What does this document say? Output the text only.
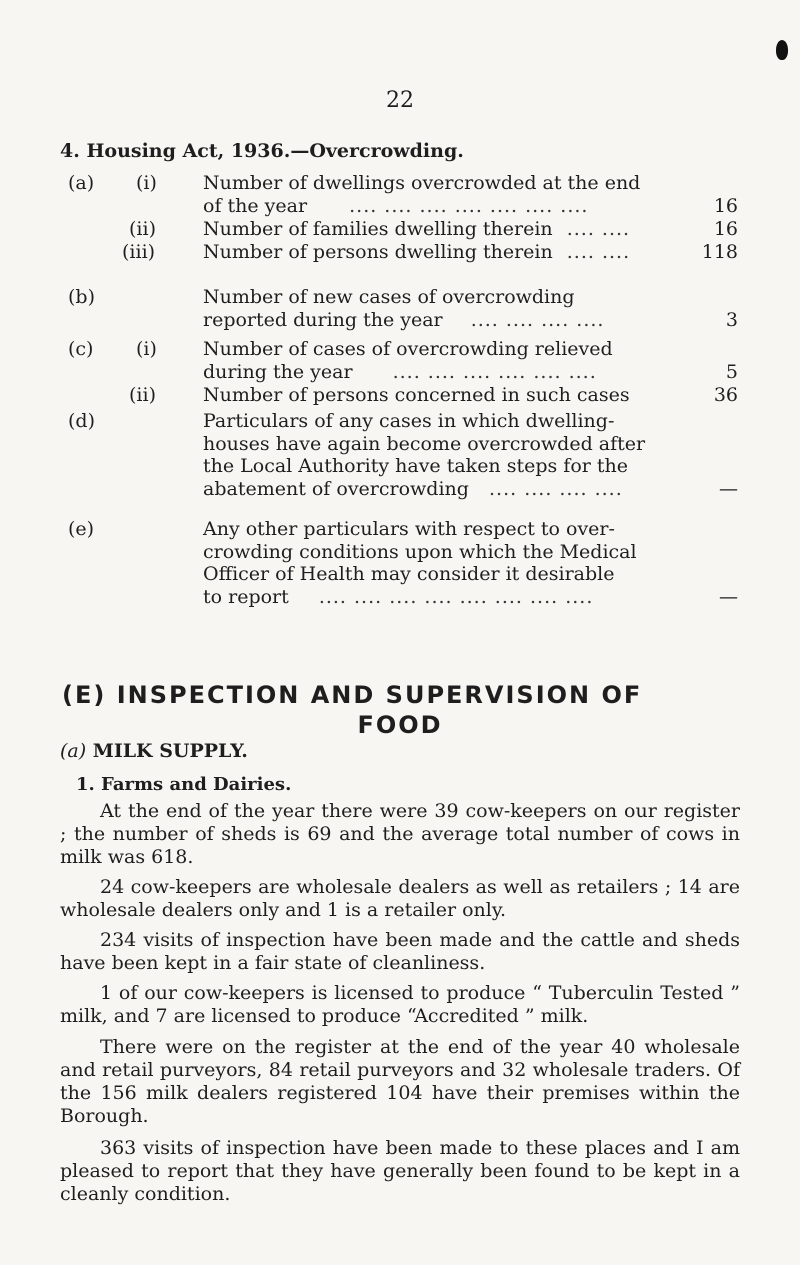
22
4. Housing Act, 1936.—Overcrowding.
(a) (i) Number of dwellings overcrowded at the end
of the year .... .... .... .... .... .... ....	16
(ii) Number of families dwelling therein .... ....	16
(iii)	Number of persons dwelling therein .... ....	118
(b)	Number of new cases of overcrowding
reported during the year .... .... .... ....	3
(c) (i) Number of cases of overcrowding relieved
during the year .... .... .... .... .... ....	5
(ii) Number of persons concerned in such cases	36
(d)	Particulars of any cases in which dwelling-
houses have again become overcrowded after
the Local Authority have taken steps for the
abatement of overcrowding .... .... .... ....	—
(e)	Any other particulars with respect to over-
crowding conditions upon which the Medical
Officer of Health may consider it desirable
to report .... .... .... .... .... .... .... ....	—
(E) INSPECTION AND SUPERVISION OF
FOOD
(a) MILK SUPPLY.
1. Farms and Dairies.
At the end of the year there were 39 cow-keepers on our register ; the number of sheds is 69 and the average total number of cows in milk was 618.
24 cow-keepers are wholesale dealers as well as retailers ; 14 are wholesale dealers only and 1 is a retailer only.
234 visits of inspection have been made and the cattle and sheds have been kept in a fair state of cleanliness.
1 of our cow-keepers is licensed to produce “ Tuberculin Tested ” milk, and 7 are licensed to produce “Accredited ” milk.
There were on the register at the end of the year 40 wholesale and retail purveyors, 84 retail purveyors and 32 wholesale traders. Of the 156 milk dealers registered 104 have their premises within the Borough.
363 visits of inspection have been made to these places and I am pleased to report that they have generally been found to be kept in a cleanly condition.
